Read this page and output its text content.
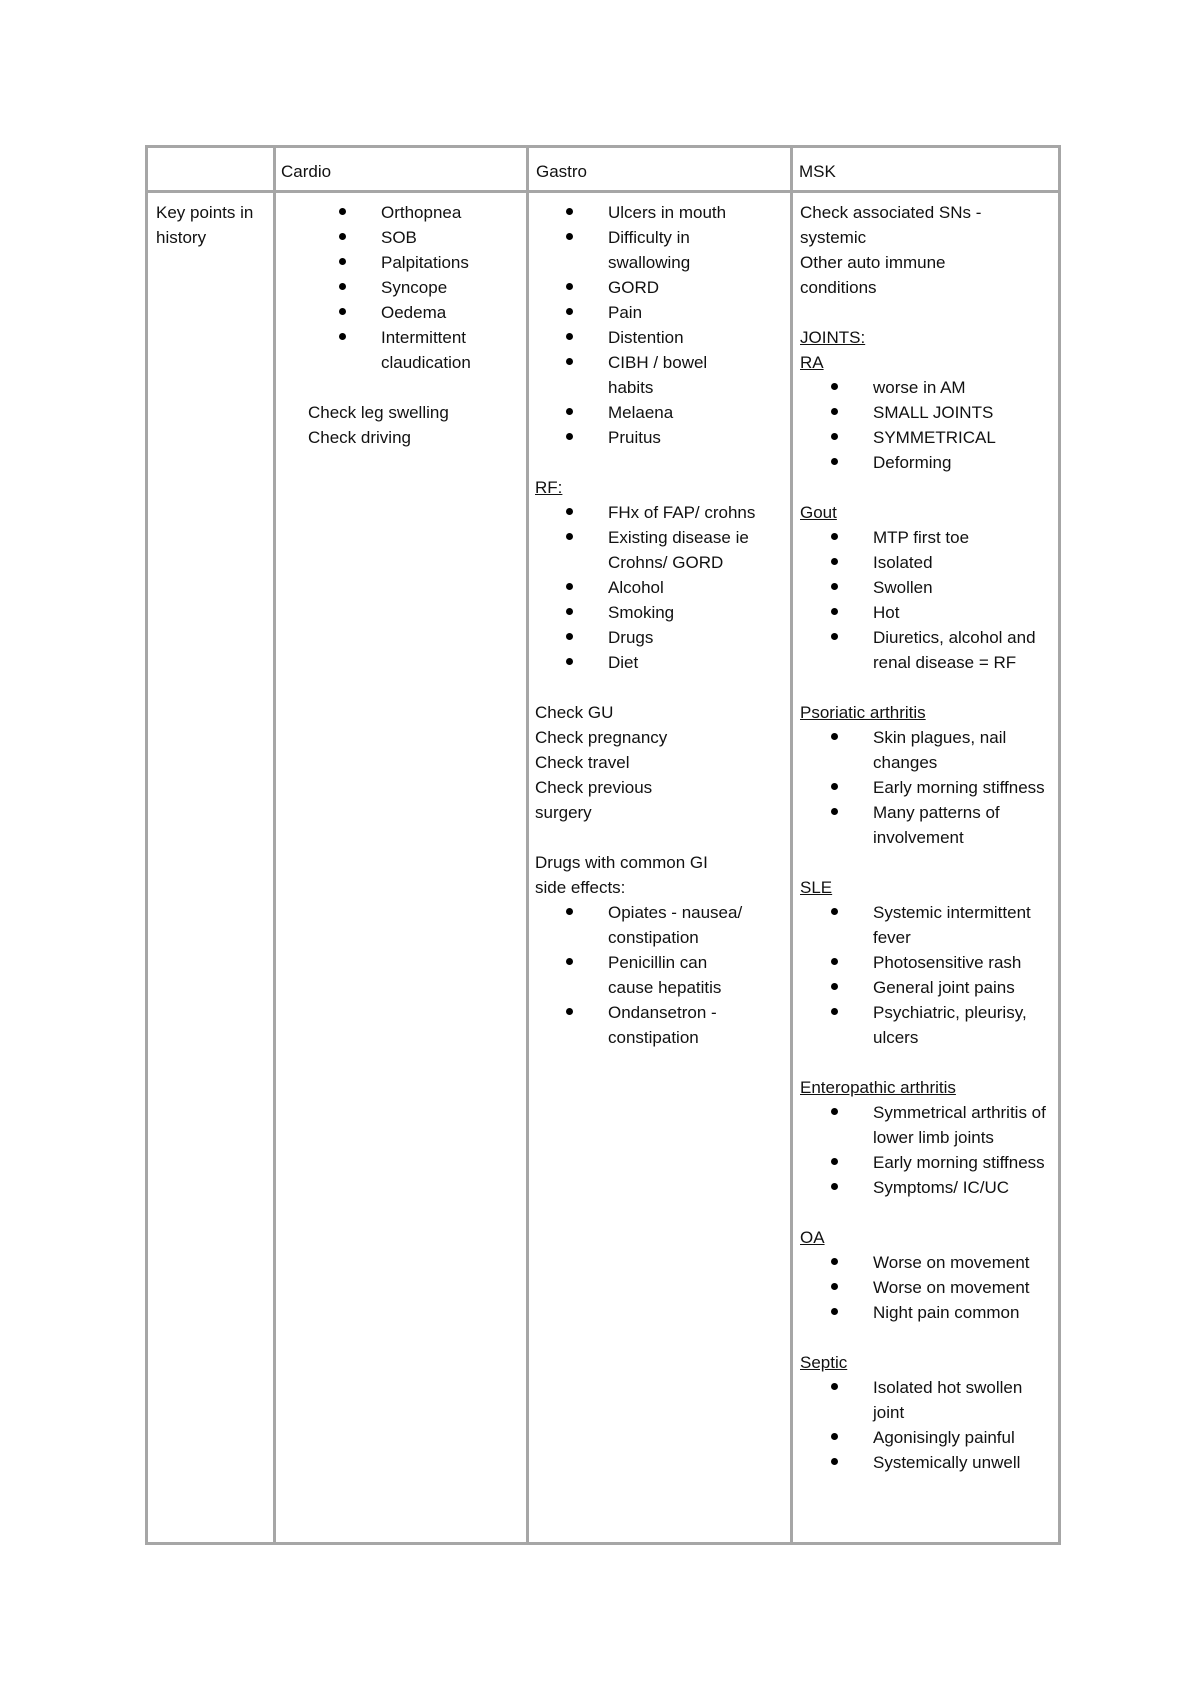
Cardio	Gastro	MSK
Key points in history
Orthopnea
SOB
Palpitations
Syncope
Oedema
Intermittent claudication

Check leg swelling

Check driving

Ulcers in mouth
Difficulty in swallowing
GORD
Pain
Distention
CIBH / bowel habits
Melaena
Pruitus

RF:

FHx of FAP/ crohns
Existing disease ie Crohns/ GORD
Alcohol
Smoking
Drugs
Diet

Check GU

Check pregnancy

Check travel

Check previous surgery

Drugs with common GI side effects:

Opiates - nausea/ constipation
Penicillin can cause hepatitis
Ondansetron - constipation

Check associated SNs - systemic

Other auto immune conditions

JOINTS:

RA

worse in AM
SMALL JOINTS
SYMMETRICAL
Deforming

Gout

MTP first toe
Isolated
Swollen
Hot
Diuretics, alcohol and renal disease = RF

Psoriatic arthritis

Skin plagues, nail changes
Early morning stiffness
Many patterns of involvement

SLE

Systemic intermittent fever
Photosensitive rash
General joint pains
Psychiatric, pleurisy, ulcers

Enteropathic arthritis

Symmetrical arthritis of lower limb joints
Early morning stiffness
Symptoms/ IC/UC

OA

Worse on movement
Worse on movement
Night pain common

Septic

Isolated hot swollen joint
Agonisingly painful
Systemically unwell
